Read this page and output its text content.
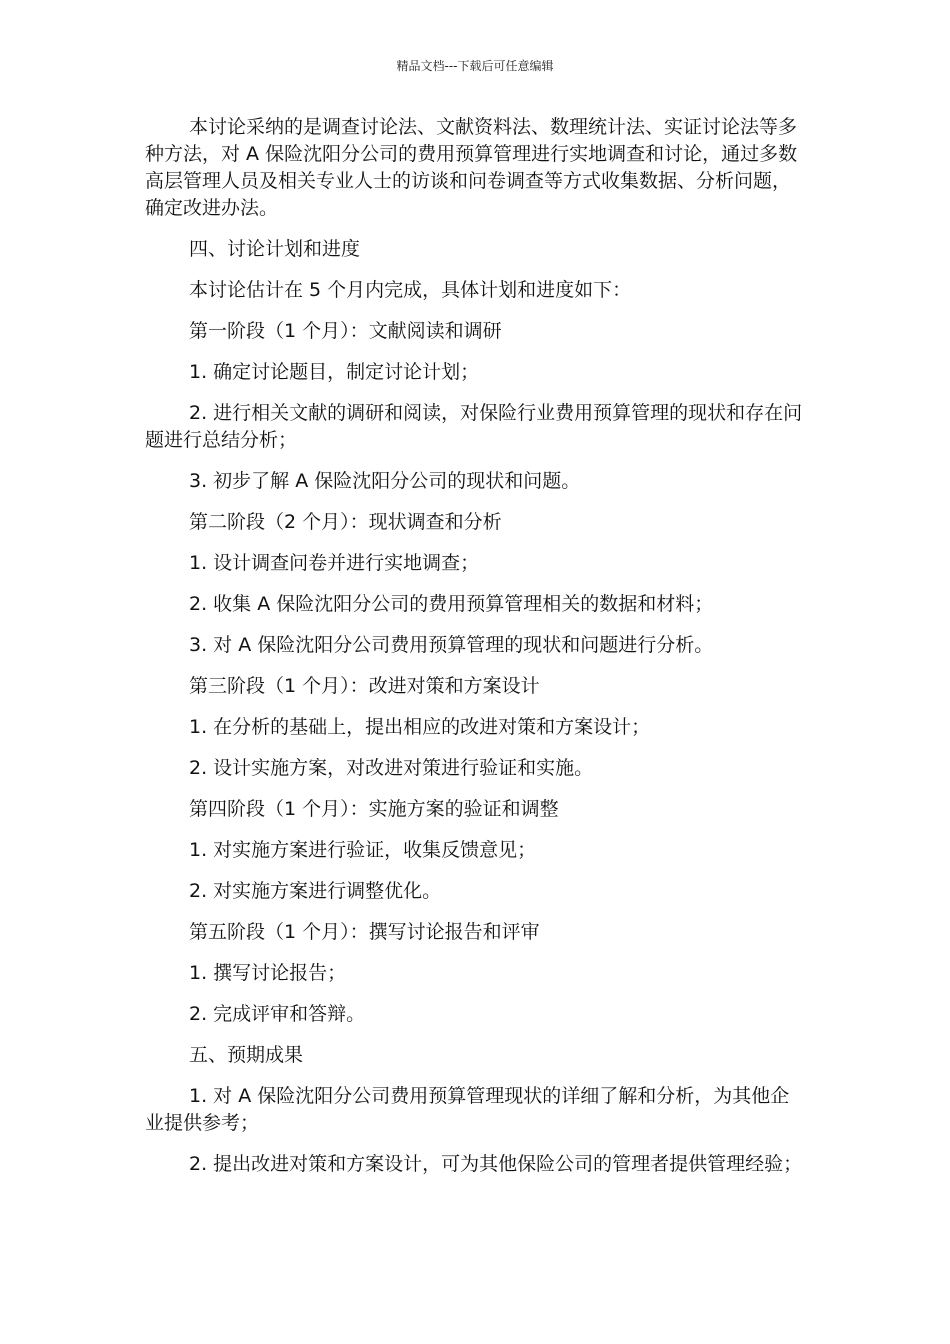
精品文档---下载后可任意编辑

本讨论采纳的是调查讨论法、文献资料法、数理统计法、实证讨论法等多种方法，对 A 保险沈阳分公司的费用预算管理进行实地调查和讨论，通过多数高层管理人员及相关专业人士的访谈和问卷调查等方式收集数据、分析问题，确定改进办法。

四、讨论计划和进度

本讨论估计在 5 个月内完成，具体计划和进度如下：

第一阶段（1 个月）：文献阅读和调研

1. 确定讨论题目，制定讨论计划；

2. 进行相关文献的调研和阅读，对保险行业费用预算管理的现状和存在问题进行总结分析；

3. 初步了解 A 保险沈阳分公司的现状和问题。

第二阶段（2 个月）：现状调查和分析

1. 设计调查问卷并进行实地调查；

2. 收集 A 保险沈阳分公司的费用预算管理相关的数据和材料；

3. 对 A 保险沈阳分公司费用预算管理的现状和问题进行分析。

第三阶段（1 个月）：改进对策和方案设计

1. 在分析的基础上，提出相应的改进对策和方案设计；

2. 设计实施方案，对改进对策进行验证和实施。

第四阶段（1 个月）：实施方案的验证和调整

1. 对实施方案进行验证，收集反馈意见；

2. 对实施方案进行调整优化。

第五阶段（1 个月）：撰写讨论报告和评审

1. 撰写讨论报告；

2. 完成评审和答辩。

五、预期成果

1. 对 A 保险沈阳分公司费用预算管理现状的详细了解和分析，为其他企业提供参考；

2. 提出改进对策和方案设计，可为其他保险公司的管理者提供管理经验；
